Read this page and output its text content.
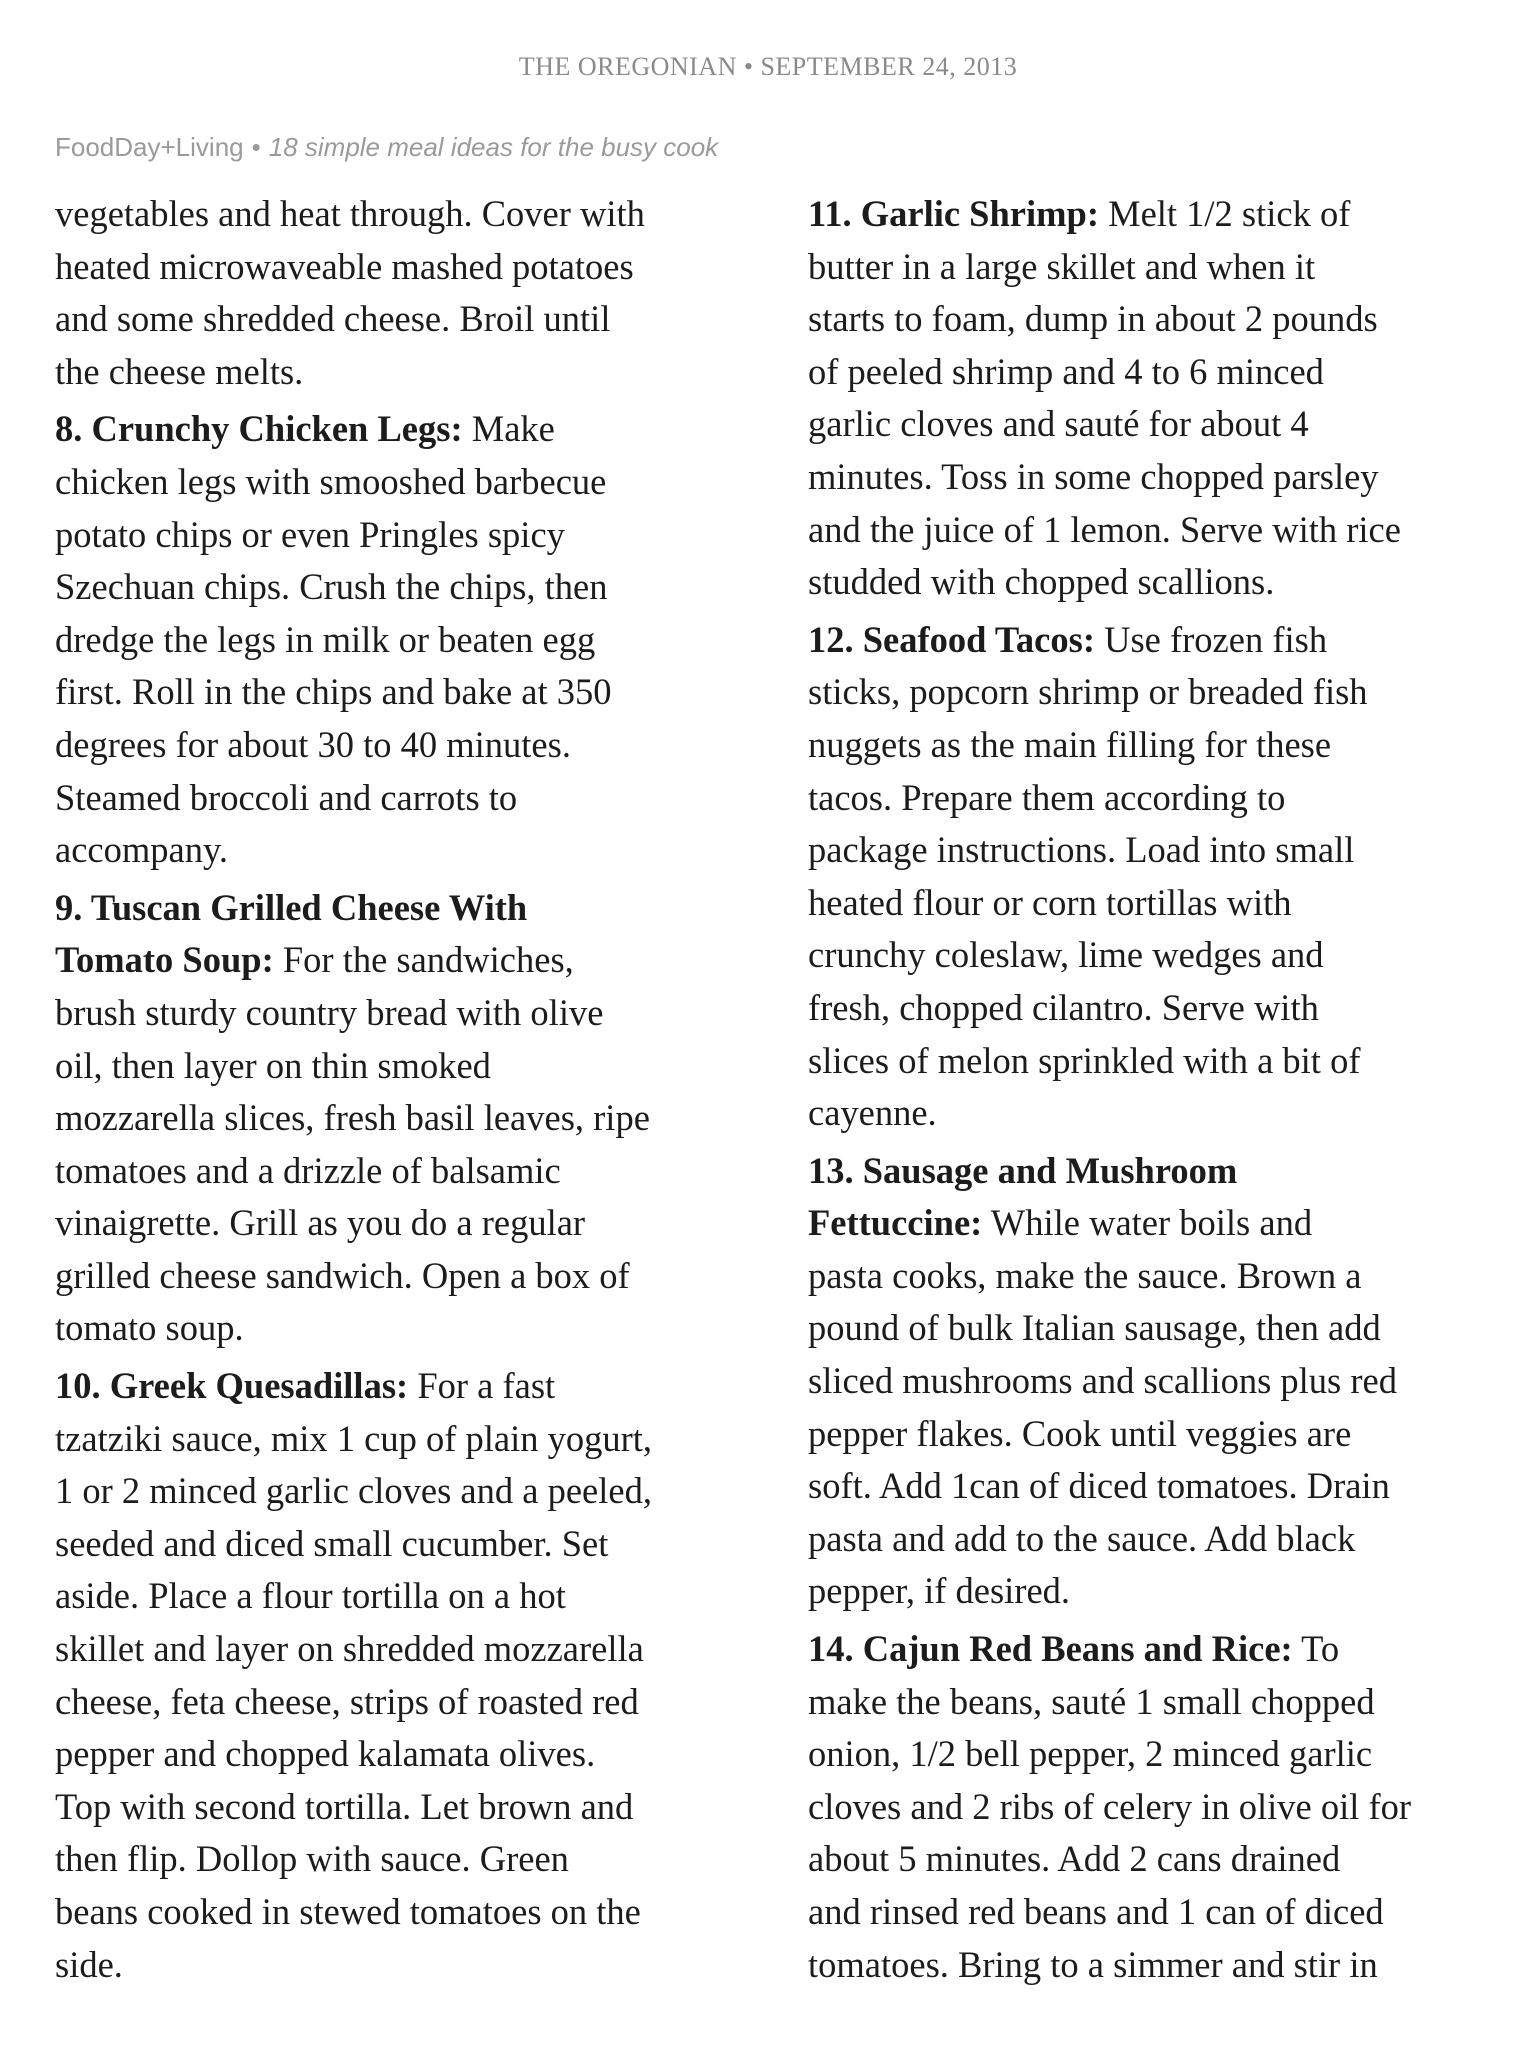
THE OREGONIAN • SEPTEMBER 24, 2013
FoodDay+Living • 18 simple meal ideas for the busy cook

vegetables and heat through. Cover with
heated microwaveable mashed potatoes
and some shredded cheese. Broil until
the cheese melts.

8. Crunchy Chicken Legs: Make
chicken legs with smooshed barbecue
potato chips or even Pringles spicy
Szechuan chips. Crush the chips, then
dredge the legs in milk or beaten egg
first. Roll in the chips and bake at 350
degrees for about 30 to 40 minutes.
Steamed broccoli and carrots to
accompany.

9. Tuscan Grilled Cheese With
Tomato Soup: For the sandwiches,
brush sturdy country bread with olive
oil, then layer on thin smoked
mozzarella slices, fresh basil leaves, ripe
tomatoes and a drizzle of balsamic
vinaigrette. Grill as you do a regular
grilled cheese sandwich. Open a box of
tomato soup.

10. Greek Quesadillas: For a fast
tzatziki sauce, mix 1 cup of plain yogurt,
1 or 2 minced garlic cloves and a peeled,
seeded and diced small cucumber. Set
aside. Place a flour tortilla on a hot
skillet and layer on shredded mozzarella
cheese, feta cheese, strips of roasted red
pepper and chopped kalamata olives.
Top with second tortilla. Let brown and
then flip. Dollop with sauce. Green
beans cooked in stewed tomatoes on the
side.

11. Garlic Shrimp: Melt 1/2 stick of
butter in a large skillet and when it
starts to foam, dump in about 2 pounds
of peeled shrimp and 4 to 6 minced
garlic cloves and sauté for about 4
minutes. Toss in some chopped parsley
and the juice of 1 lemon. Serve with rice
studded with chopped scallions.

12. Seafood Tacos: Use frozen fish
sticks, popcorn shrimp or breaded fish
nuggets as the main filling for these
tacos. Prepare them according to
package instructions. Load into small
heated flour or corn tortillas with
crunchy coleslaw, lime wedges and
fresh, chopped cilantro. Serve with
slices of melon sprinkled with a bit of
cayenne.

13. Sausage and Mushroom
Fettuccine: While water boils and
pasta cooks, make the sauce. Brown a
pound of bulk Italian sausage, then add
sliced mushrooms and scallions plus red
pepper flakes. Cook until veggies are
soft. Add 1can of diced tomatoes. Drain
pasta and add to the sauce. Add black
pepper, if desired.

14. Cajun Red Beans and Rice: To
make the beans, sauté 1 small chopped
onion, 1/2 bell pepper, 2 minced garlic
cloves and 2 ribs of celery in olive oil for
about 5 minutes. Add 2 cans drained
and rinsed red beans and 1 can of diced
tomatoes. Bring to a simmer and stir in
